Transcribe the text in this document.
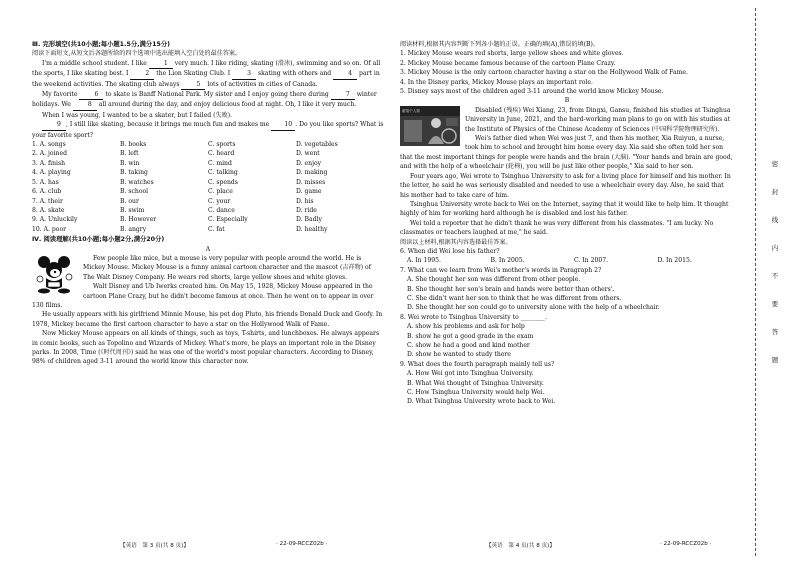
Ⅲ. 完形填空(共10小题;每小题1.5分,满分15分)

阅读下面短文,从短文后各题所给的四个选项中选出能填入空白处的最佳答案。

I'm a middle school student. I like 1 very much. I like riding, skating (滑冰), swimming and so on. Of all the sports, I like skating best. I 2 the Lion Skating Club. I 3 skating with others and 4 part in the weekend activities. The skating club always 5 lots of activities in cities of Canada.

My favorite 6 to skate is Banff National Park. My sister and I enjoy going there during 7 winter holidays. We 8 all around during the day, and enjoy delicious food at night. Oh, I like it very much.

When I was young, I wanted to be a skater, but I failed (失败).

9 , I still like skating, because it brings me much fun and makes me 10 . Do you like sports? What is your favorite sport?

1. A. songs	B. books	C. sports	D. vegetables
2. A. joined	B. left	C. heard	D. went
3. A. finish	B. win	C. mind	D. enjoy
4. A. playing	B. taking	C. talking	D. making
5. A. has	B. watches	C. spends	D. misses
6. A. club	B. school	C. place	D. game
7. A. their	B. our	C. your	D. his
8. A. skate	B. swim	C. dance	D. ride
9. A. Unluckily	B. However	C. Especially	D. Badly
10. A. poor	B. angry	C. fat	D. healthy

Ⅳ. 阅读理解(共10小题;每小题2分,满分20分)

A

Few people like mice, but a mouse is very popular with people around the world. He is Mickey Mouse. Mickey Mouse is a funny animal cartoon character and the mascot (吉祥物) of The Walt Disney Company. He wears red shorts, large yellow shoes and white gloves.

Walt Disney and Ub Iwerks created him. On May 15, 1928, Mickey Mouse appeared in the cartoon Plane Crazy, but he didn't become famous at once. Then he went on to appear in over 130 films.

He usually appears with his girlfriend Minnie Mouse, his pet dog Pluto, his friends Donald Duck and Goofy. In 1978, Mickey became the first cartoon character to have a star on the Hollywood Walk of Fame.

Now Mickey Mouse appears on all kinds of things, such as toys, T-shirts, and lunchboxes. He always appears in comic books, such as Topolino and Wizards of Mickey. What's more, he plays an important role in the Disney parks. In 2008, Time (《时代周刊》) said he was one of the world's most popular characters. According to Disney, 98% of children aged 3-11 around the world know this character now.

【英语　第 3 页(共 8 页)】	· 22-09-RCCZ02b ·

阅读材料,根据其内容判断下列各小题的正误。正确的填(A),错误的填(B)。

1. Mickey Mouse wears red shorts, large yellow shoes and white gloves.

2. Mickey Mouse became famous because of the cartoon Plane Crazy.

3. Mickey Mouse is the only cartoon character having a star on the Hollywood Walk of Fame.

4. In the Disney parks, Mickey Mouse plays an important role.

5. Disney says most of the children aged 3-11 around the world know Mickey Mouse.

B

翟翔个人简	Disabled (残疾) Wei Xiang, 23, from Dingxi, Gansu, finished his studies at Tsinghua University in June, 2021, and the hard-working man plans to go on with his studies at the Institute of Physics of the Chinese Academy of Sciences (中国科学院物理研究所).

Wei's father died when Wei was just 7, and then his mother, Xia Ruiyun, a nurse, took him to school and brought him home every day. Xia said she often told her son that the most important things for people were hands and the brain (大脑). "Your hands and brain are good, and with the help of a wheelchair (轮椅), you will be just like other people," Xia said to her son.

Four years ago, Wei wrote to Tsinghua University to ask for a living place for himself and his mother. In the letter, he said he was seriously disabled and needed to use a wheelchair every day. Also, he said that his mother had to take care of him.

Tsinghua University wrote back to Wei on the Internet, saying that it would like to help him. It thought highly of him for working hard although he is disabled and lost his father.

Wei told a reporter that he didn't thank he was very different from his classmates. "I am lucky. No classmates or teachers laughed at me," he said.

阅读以上材料,根据其内容选择最佳答案。

6. When did Wei lose his father?

A. In 1995.	B. In 2005.	C. In 2007.	D. In 2015.

7. What can we learn from Wei's mother's words in Paragraph 2?

A. She thought her son was different from other people.

B. She thought her son's brain and hands were better than others'.

C. She didn't want her son to think that he was different from others.

D. She thought her son could go to university alone with the help of a wheelchair.

8. Wei wrote to Tsinghua University to ________.

A. show his problems and ask for help

B. show he got a good grade in the exam

C. show he had a good and kind mother

D. show he wanted to study there

9. What does the fourth paragraph mainly tell us?

A. How Wei got into Tsinghua University.

B. What Wei thought of Tsinghua University.

C. How Tsinghua University would help Wei.

D. What Tsinghua University wrote back to Wei.

【英语　第 4 页(共 8 页)】	· 22-09-RCCZ02b ·
密
封
线
内
不
要
答
题
